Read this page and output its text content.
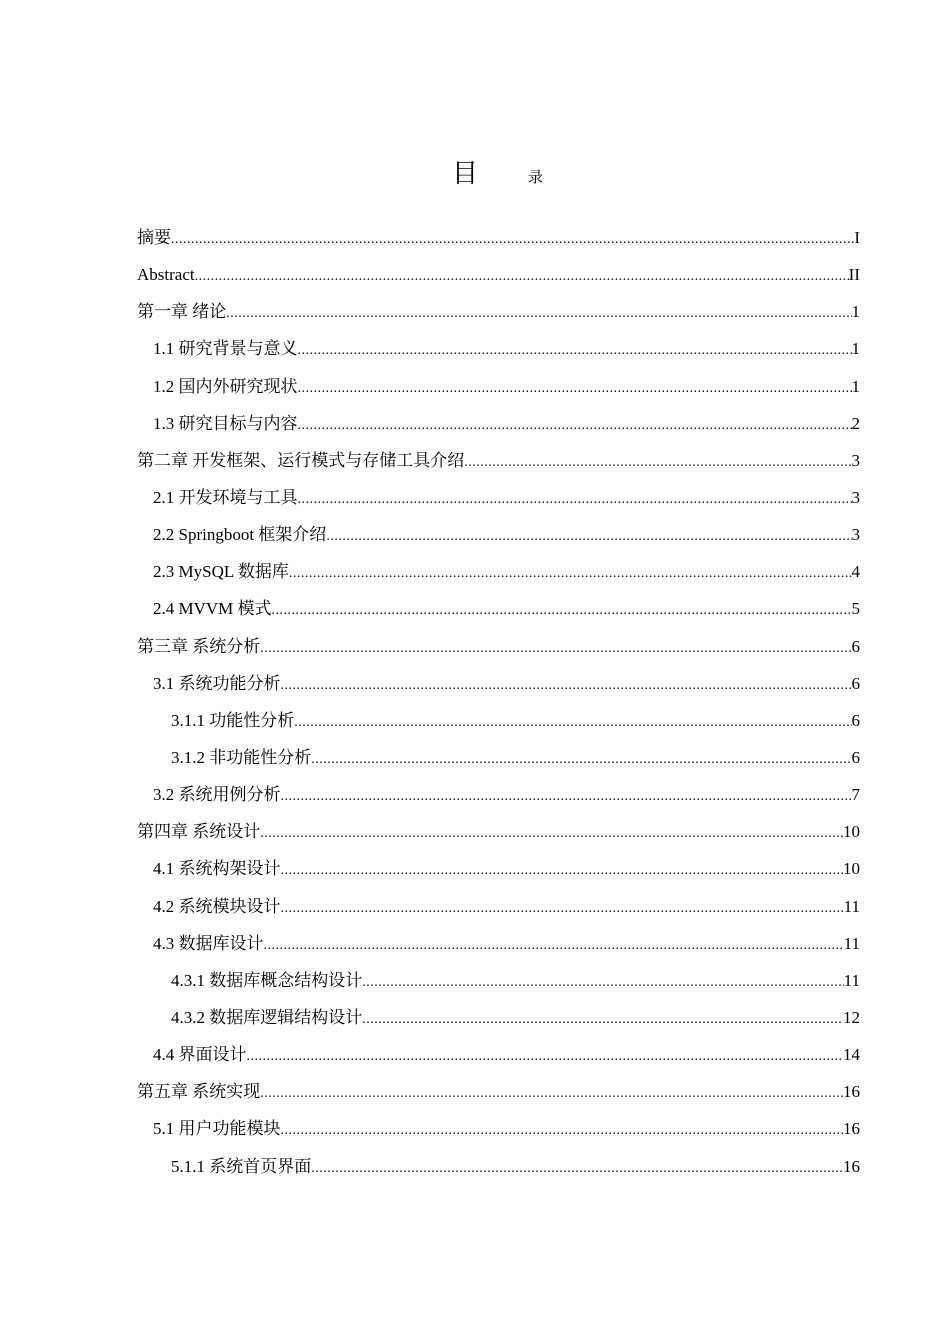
目	录
摘要 .....	I
Abstract .....	II
第一章 绪论 .....	1
1.1 研究背景与意义 .....	1
1.2 国内外研究现状 .....	1
1.3 研究目标与内容 .....	2
第二章 开发框架、运行模式与存储工具介绍 .....	3
2.1 开发环境与工具 .....	3
2.2 Springboot 框架介绍 .....	3
2.3 MySQL 数据库 .....	4
2.4 MVVM 模式 .....	5
第三章 系统分析 .....	6
3.1 系统功能分析 .....	6
3.1.1 功能性分析 .....	6
3.1.2 非功能性分析 .....	6
3.2 系统用例分析 .....	7
第四章 系统设计 .....	10
4.1 系统构架设计 .....	10
4.2 系统模块设计 .....	11
4.3 数据库设计 .....	11
4.3.1 数据库概念结构设计 .....	11
4.3.2 数据库逻辑结构设计 .....	12
4.4 界面设计 .....	14
第五章 系统实现 .....	16
5.1 用户功能模块 .....	16
5.1.1 系统首页界面 .....	16
